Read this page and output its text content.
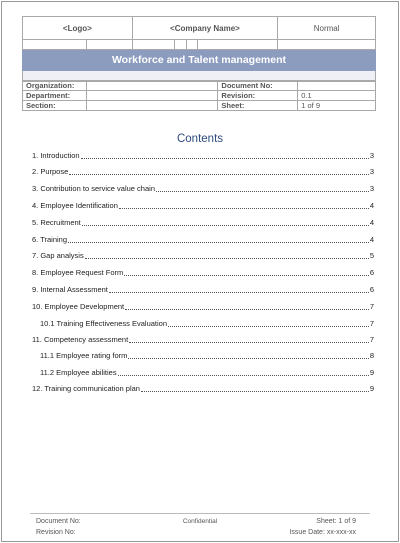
<Logo>		<Company Name>				Normal

Workforce and Talent management						

Organization:		Document No:	
Department:		Revision:	0.1
Section:		Sheet:	1 of 9
Contents
1. Introduction	3
2. Purpose	3
3. Contribution to service value chain	3
4. Employee Identification	4
5. Recruitment	4
6. Training	4
7. Gap analysis	5
8. Employee Request Form	6
9. Internal Assessment	6
10. Employee Development	7
10.1 Training Effectiveness Evaluation	7
11. Competency assessment	7
11.1 Employee rating form	8
11.2 Employee abilities	9
12. Training communication plan	9
Document No:
Revision No:
Confidential	Sheet: 1 of 9
Issue Date: xx-xxx-xx
